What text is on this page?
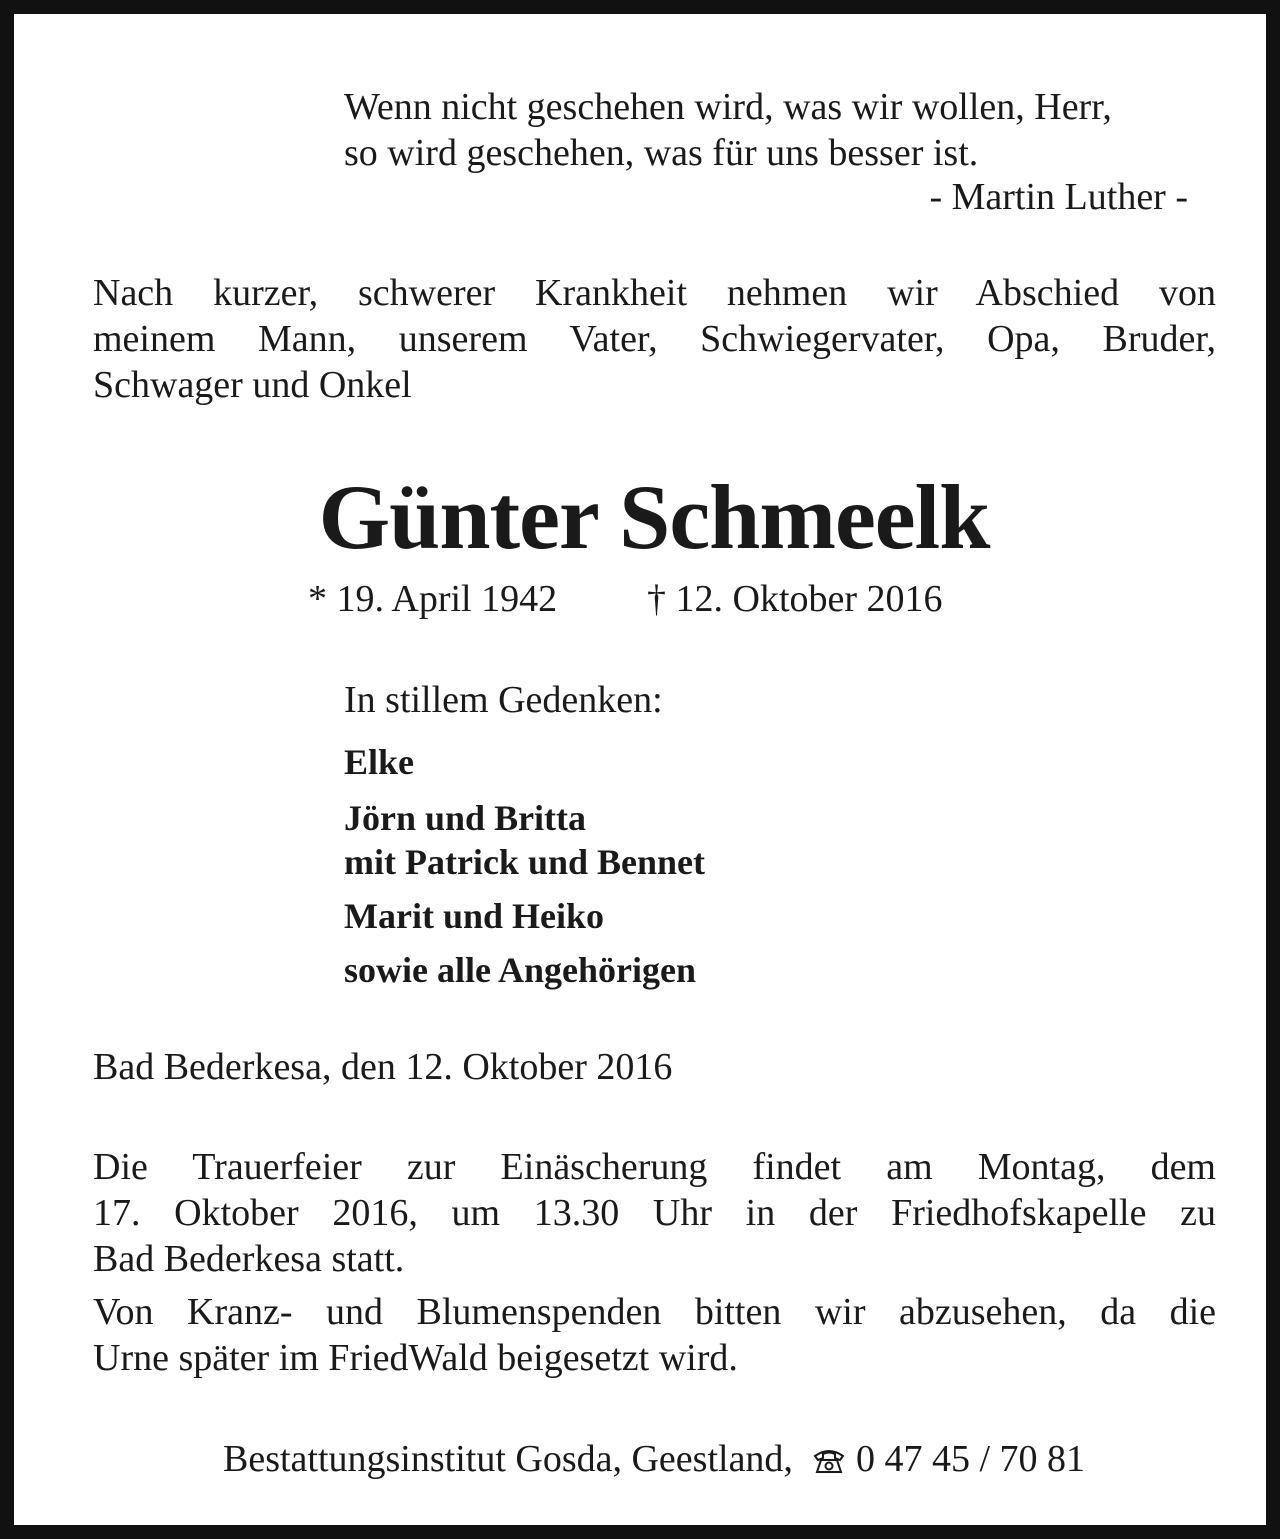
Wenn nicht geschehen wird, was wir wollen, Herr,
so wird geschehen, was für uns besser ist.
- Martin Luther -
Nach kurzer, schwerer Krankheit nehmen wir Abschied von
meinem Mann, unserem Vater, Schwiegervater, Opa, Bruder,
Schwager und Onkel
Günter Schmeelk
* 19. April 1942 † 12. Oktober 2016
In stillem Gedenken:
Elke
Jörn und Britta
mit Patrick und Bennet
Marit und Heiko
sowie alle Angehörigen
Bad Bederkesa, den 12. Oktober 2016
Die Trauerfeier zur Einäscherung findet am Montag, dem
17. Oktober 2016, um 13.30 Uhr in der Friedhofskapelle zu
Bad Bederkesa statt.
Von Kranz- und Blumenspenden bitten wir abzusehen, da die
Urne später im FriedWald beigesetzt wird.
Bestattungsinstitut Gosda, Geestland, 0 47 45 / 70 81
